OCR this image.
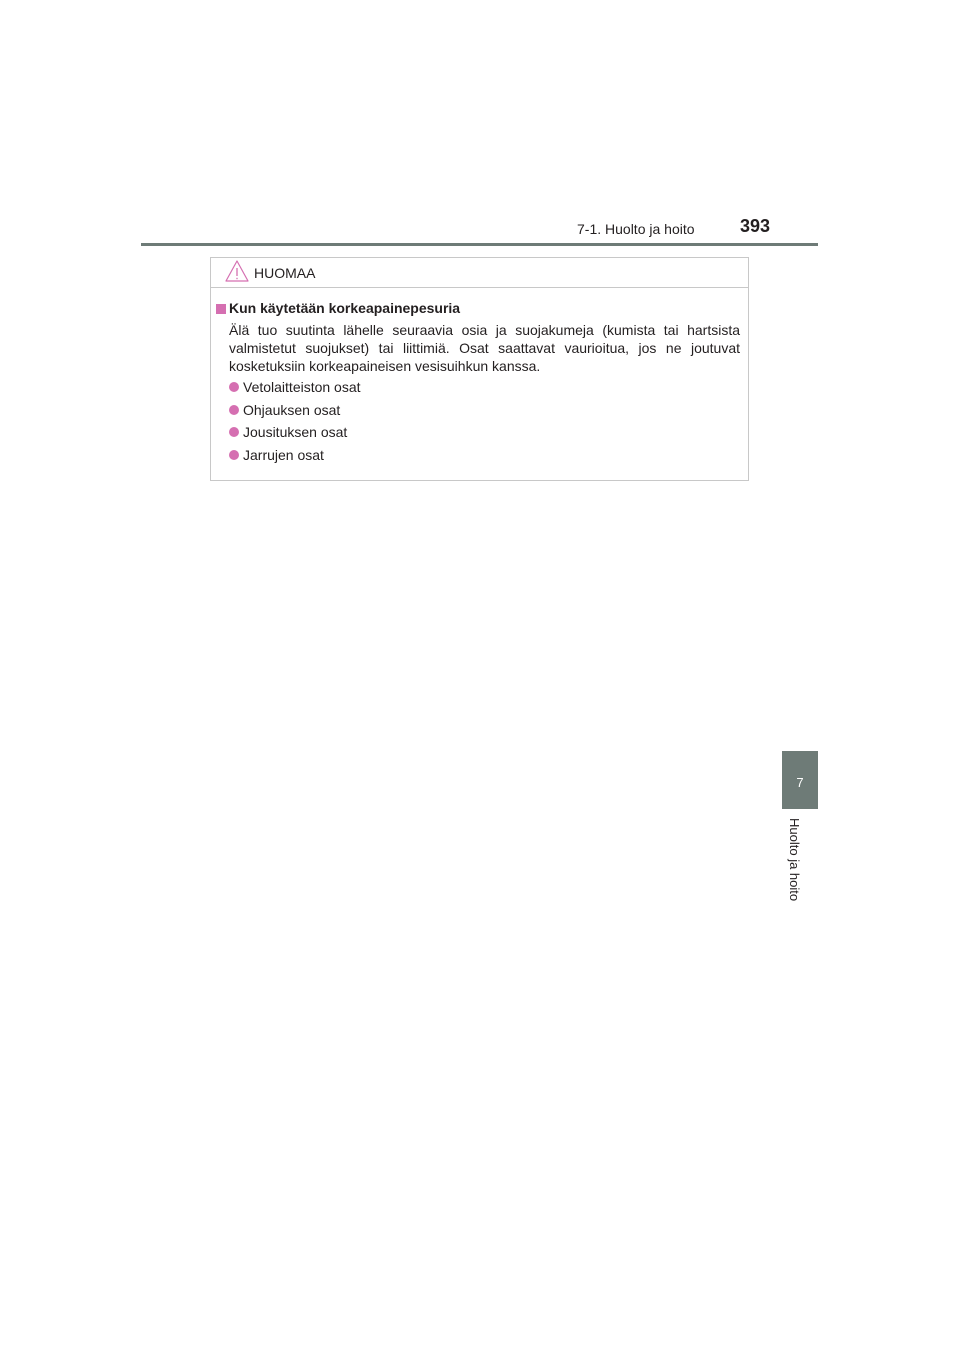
7-1. Huolto ja hoito	393
HUOMAA
Kun käytetään korkeapainepesuria
Älä tuo suutinta lähelle seuraavia osia ja suojakumeja (kumista tai hartsista valmistetut suojukset) tai liittimiä. Osat saattavat vaurioitua, jos ne joutuvat kosketuksiin korkeapaineisen vesisuihkun kanssa.
Vetolaitteiston osat
Ohjauksen osat
Jousituksen osat
Jarrujen osat
7
Huolto ja hoito
